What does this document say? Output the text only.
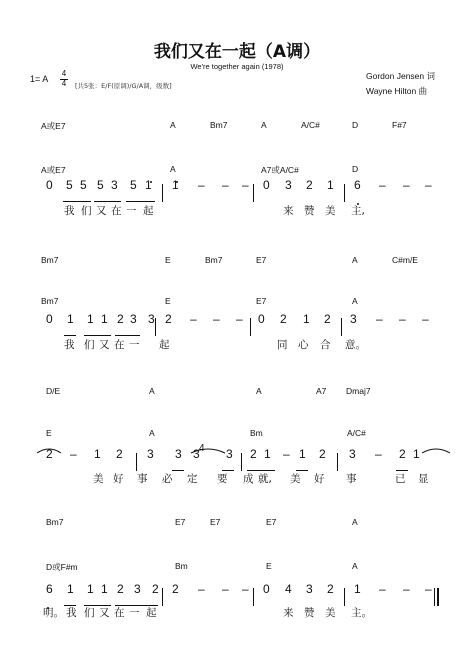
我们又在一起（A调）
We're together again (1978)
Gordon Jensen 词
Wayne Hilton 曲
1= A
4
4 [共5张：E/F(原调)/G/A调，级数]
4
A或E7	A	Bm7	A	A/C#	D	F#7
A或E7	A	A7或A/C#	D
Bm7	E	Bm7	E7	A	C#m/E
Bm7	E	E7	A
D/E	A	A	A7 Dmaj7
E	A	Bm	A/C#
Bm7	E7	E7	E7	A
D或F#m	Bm	E	A
0 5 5 5 3 5 1 1 – – – 0 3 2 1 6 – – –
0 1 1 1 2 3 3 2 – – – 0 2 1 2 3 – – –
2 – 1 2 3 3 3 3 2 1 – 1 2 3 – 2 1
6 1 1 1 2 3 2 2 – – – 0 4 3 2 1 – – –
我 们 又 在 一 起	来 赞 美 主,
我 们 又 在 一 起	同 心 合 意。
美 好 事 必 定 要 成 就, 美 好 事	已 显
明。 我 们 又 在 一 起	来 赞 美 主。
